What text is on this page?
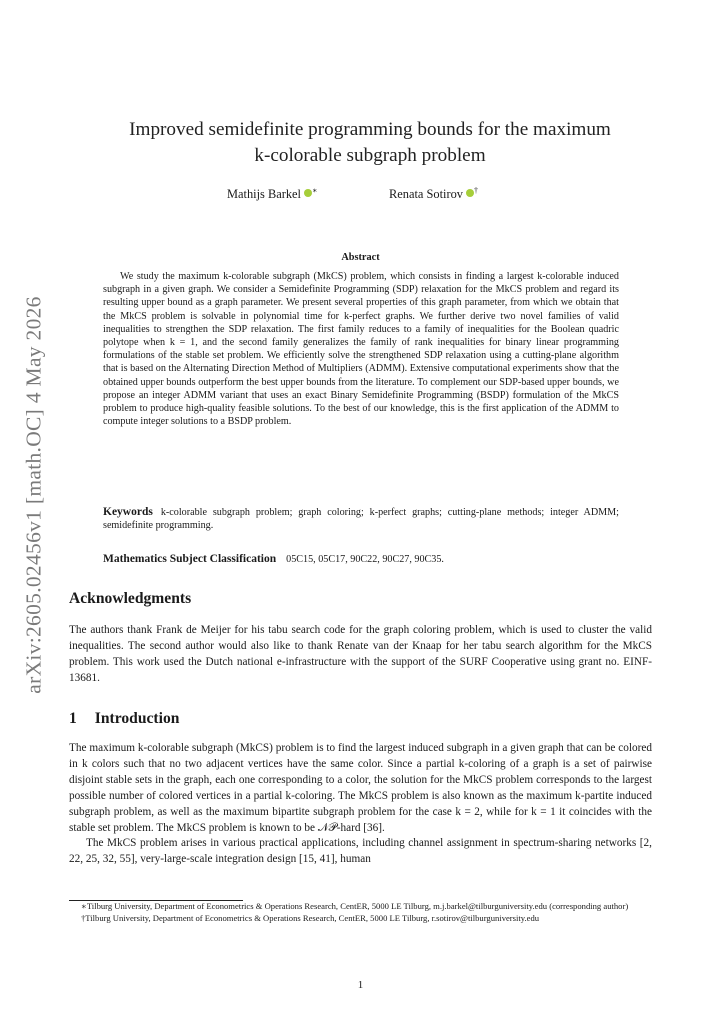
arXiv:2605.02456v1 [math.OC] 4 May 2026
Improved semidefinite programming bounds for the maximum
k-colorable subgraph problem
Mathijs Barkel ∗	Renata Sotirov †
Abstract

We study the maximum k-colorable subgraph (MkCS) problem, which consists in finding a largest k-colorable induced subgraph in a given graph. We consider a Semidefinite Programming (SDP) relaxation for the MkCS problem and regard its resulting upper bound as a graph parameter. We present several properties of this graph parameter, from which we obtain that the MkCS problem is solvable in polynomial time for k-perfect graphs. We further derive two novel families of valid inequalities to strengthen the SDP relaxation. The first family reduces to a family of inequalities for the Boolean quadric polytope when k = 1, and the second family generalizes the family of rank inequalities for binary linear programming formulations of the stable set problem. We efficiently solve the strengthened SDP relaxation using a cutting-plane algorithm that is based on the Alternating Direction Method of Multipliers (ADMM). Extensive computational experiments show that the obtained upper bounds outperform the best upper bounds from the literature. To complement our SDP-based upper bounds, we propose an integer ADMM variant that uses an exact Binary Semidefinite Programming (BSDP) formulation of the MkCS problem to produce high-quality feasible solutions. To the best of our knowledge, this is the first application of the ADMM to compute integer solutions to a BSDP problem.

Keywords k-colorable subgraph problem; graph coloring; k-perfect graphs; cutting-plane methods; integer ADMM; semidefinite programming.
Mathematics Subject Classification 05C15, 05C17, 90C22, 90C27, 90C35.
Acknowledgments

The authors thank Frank de Meijer for his tabu search code for the graph coloring problem, which is used to cluster the valid inequalities. The second author would also like to thank Renate van der Knaap for her tabu search algorithm for the MkCS problem. This work used the Dutch national e-infrastructure with the support of the SURF Cooperative using grant no. EINF-13681.

1 Introduction

The maximum k-colorable subgraph (MkCS) problem is to find the largest induced subgraph in a given graph that can be colored in k colors such that no two adjacent vertices have the same color. Since a partial k-coloring of a graph is a set of pairwise disjoint stable sets in the graph, each one corresponding to a color, the solution for the MkCS problem corresponds to the largest possible number of colored vertices in a partial k-coloring. The MkCS problem is also known as the maximum k-partite induced subgraph problem, as well as the maximum bipartite subgraph problem for the case k = 2, while for k = 1 it coincides with the stable set problem. The MkCS problem is known to be 𝒩𝒫-hard [36].

The MkCS problem arises in various practical applications, including channel assignment in spectrum-sharing networks [2, 22, 25, 32, 55], very-large-scale integration design [15, 41], human

∗Tilburg University, Department of Econometrics & Operations Research, CentER, 5000 LE Tilburg, m.j.barkel@tilburguniversity.edu (corresponding author)

†Tilburg University, Department of Econometrics & Operations Research, CentER, 5000 LE Tilburg, r.sotirov@tilburguniversity.edu

1
